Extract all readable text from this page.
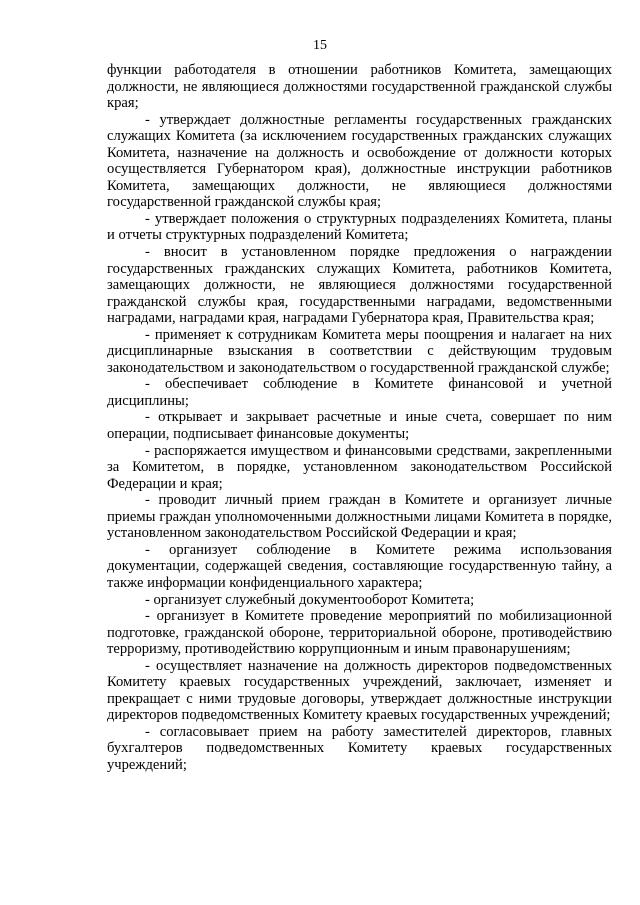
15

функции работодателя в отношении работников Комитета, замещающих должности, не являющиеся должностями государственной гражданской службы края;

- утверждает должностные регламенты государственных гражданских служащих Комитета (за исключением государственных гражданских служащих Комитета, назначение на должность и освобождение от должности которых осуществляется Губернатором края), должностные инструкции работников Комитета, замещающих должности, не являющиеся должностями государственной гражданской службы края;

- утверждает положения о структурных подразделениях Комитета, планы и отчеты структурных подразделений Комитета;

- вносит в установленном порядке предложения о награждении государственных гражданских служащих Комитета, работников Комитета, замещающих должности, не являющиеся должностями государственной гражданской службы края, государственными наградами, ведомственными наградами, наградами края, наградами Губернатора края, Правительства края;

- применяет к сотрудникам Комитета меры поощрения и налагает на них дисциплинарные взыскания в соответствии с действующим трудовым законодательством и законодательством о государственной гражданской службе;

- обеспечивает соблюдение в Комитете финансовой и учетной дисциплины;

- открывает и закрывает расчетные и иные счета, совершает по ним операции, подписывает финансовые документы;

- распоряжается имуществом и финансовыми средствами, закрепленными за Комитетом, в порядке, установленном законодательством Российской Федерации и края;

- проводит личный прием граждан в Комитете и организует личные приемы граждан уполномоченными должностными лицами Комитета в порядке, установленном законодательством Российской Федерации и края;

- организует соблюдение в Комитете режима использования документации, содержащей сведения, составляющие государственную тайну, а также информации конфиденциального характера;

- организует служебный документооборот Комитета;

- организует в Комитете проведение мероприятий по мобилизационной подготовке, гражданской обороне, территориальной обороне, противодействию терроризму, противодействию коррупционным и иным правонарушениям;

- осуществляет назначение на должность директоров подведомственных Комитету краевых государственных учреждений, заключает, изменяет и прекращает с ними трудовые договоры, утверждает должностные инструкции директоров подведомственных Комитету краевых государственных учреждений;

- согласовывает прием на работу заместителей директоров, главных бухгалтеров подведомственных Комитету краевых государственных учреждений;
